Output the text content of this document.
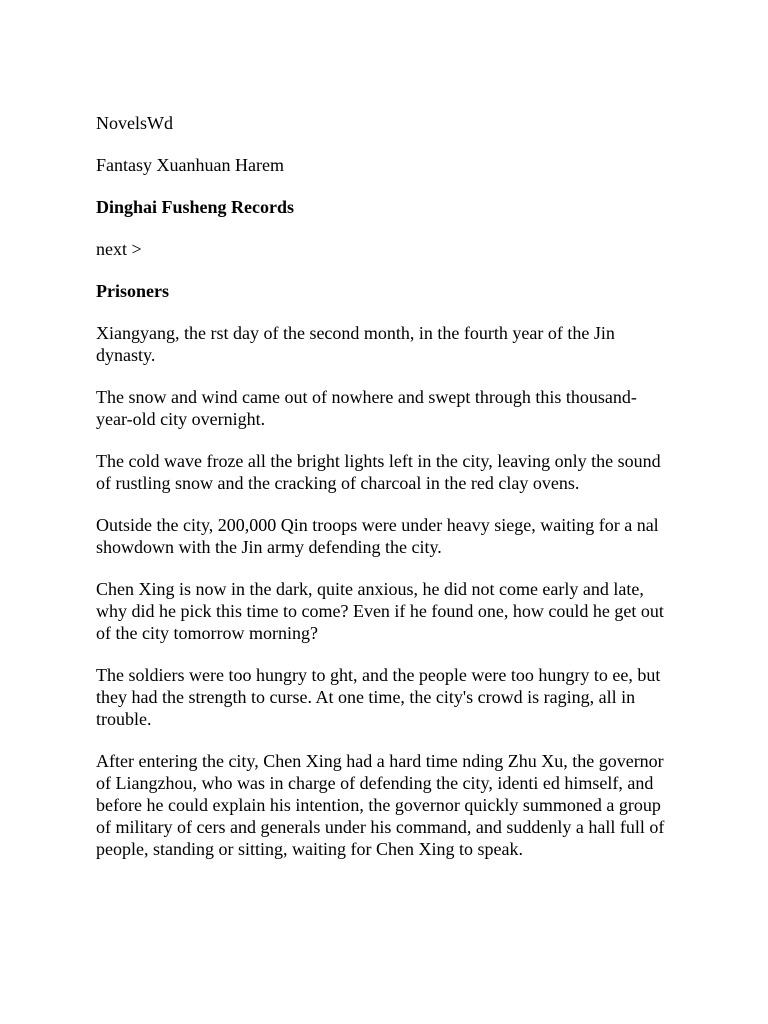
NovelsWd

Fantasy Xuanhuan Harem

Dinghai Fusheng Records

next >

Prisoners

Xiangyang, the rst day of the second month, in the fourth year of the Jin dynasty.

The snow and wind came out of nowhere and swept through this thousand-year-old city overnight.

The cold wave froze all the bright lights left in the city, leaving only the sound of rustling snow and the cracking of charcoal in the red clay ovens.

Outside the city, 200,000 Qin troops were under heavy siege, waiting for a nal showdown with the Jin army defending the city.

Chen Xing is now in the dark, quite anxious, he did not come early and late, why did he pick this time to come? Even if he found one, how could he get out of the city tomorrow morning?

The soldiers were too hungry to ght, and the people were too hungry to ee, but they had the strength to curse. At one time, the city's crowd is raging, all in trouble.

After entering the city, Chen Xing had a hard time nding Zhu Xu, the governor of Liangzhou, who was in charge of defending the city, identi ed himself, and before he could explain his intention, the governor quickly summoned a group of military of cers and generals under his command, and suddenly a hall full of people, standing or sitting, waiting for Chen Xing to speak.
